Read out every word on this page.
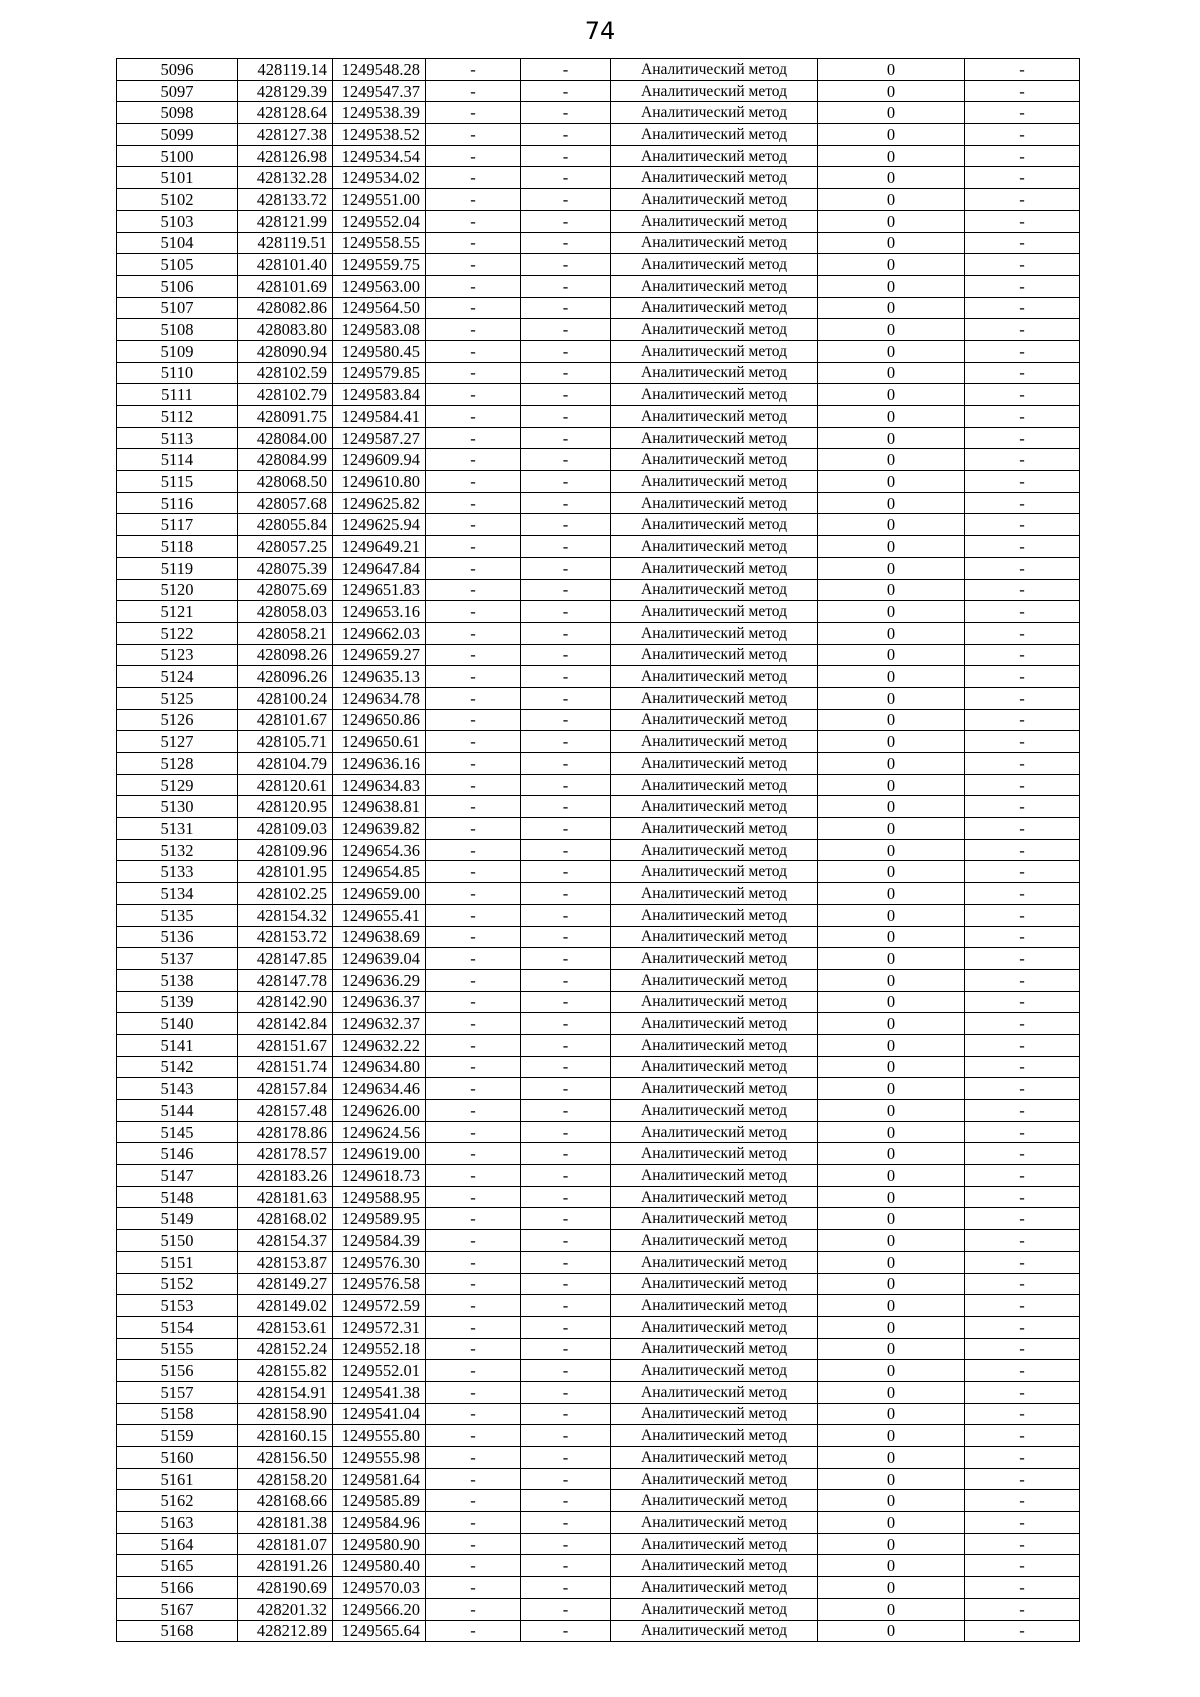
74
5096	428119.14	1249548.28	-	-	Аналитический метод	0	-
5097	428129.39	1249547.37	-	-	Аналитический метод	0	-
5098	428128.64	1249538.39	-	-	Аналитический метод	0	-
5099	428127.38	1249538.52	-	-	Аналитический метод	0	-
5100	428126.98	1249534.54	-	-	Аналитический метод	0	-
5101	428132.28	1249534.02	-	-	Аналитический метод	0	-
5102	428133.72	1249551.00	-	-	Аналитический метод	0	-
5103	428121.99	1249552.04	-	-	Аналитический метод	0	-
5104	428119.51	1249558.55	-	-	Аналитический метод	0	-
5105	428101.40	1249559.75	-	-	Аналитический метод	0	-
5106	428101.69	1249563.00	-	-	Аналитический метод	0	-
5107	428082.86	1249564.50	-	-	Аналитический метод	0	-
5108	428083.80	1249583.08	-	-	Аналитический метод	0	-
5109	428090.94	1249580.45	-	-	Аналитический метод	0	-
5110	428102.59	1249579.85	-	-	Аналитический метод	0	-
5111	428102.79	1249583.84	-	-	Аналитический метод	0	-
5112	428091.75	1249584.41	-	-	Аналитический метод	0	-
5113	428084.00	1249587.27	-	-	Аналитический метод	0	-
5114	428084.99	1249609.94	-	-	Аналитический метод	0	-
5115	428068.50	1249610.80	-	-	Аналитический метод	0	-
5116	428057.68	1249625.82	-	-	Аналитический метод	0	-
5117	428055.84	1249625.94	-	-	Аналитический метод	0	-
5118	428057.25	1249649.21	-	-	Аналитический метод	0	-
5119	428075.39	1249647.84	-	-	Аналитический метод	0	-
5120	428075.69	1249651.83	-	-	Аналитический метод	0	-
5121	428058.03	1249653.16	-	-	Аналитический метод	0	-
5122	428058.21	1249662.03	-	-	Аналитический метод	0	-
5123	428098.26	1249659.27	-	-	Аналитический метод	0	-
5124	428096.26	1249635.13	-	-	Аналитический метод	0	-
5125	428100.24	1249634.78	-	-	Аналитический метод	0	-
5126	428101.67	1249650.86	-	-	Аналитический метод	0	-
5127	428105.71	1249650.61	-	-	Аналитический метод	0	-
5128	428104.79	1249636.16	-	-	Аналитический метод	0	-
5129	428120.61	1249634.83	-	-	Аналитический метод	0	-
5130	428120.95	1249638.81	-	-	Аналитический метод	0	-
5131	428109.03	1249639.82	-	-	Аналитический метод	0	-
5132	428109.96	1249654.36	-	-	Аналитический метод	0	-
5133	428101.95	1249654.85	-	-	Аналитический метод	0	-
5134	428102.25	1249659.00	-	-	Аналитический метод	0	-
5135	428154.32	1249655.41	-	-	Аналитический метод	0	-
5136	428153.72	1249638.69	-	-	Аналитический метод	0	-
5137	428147.85	1249639.04	-	-	Аналитический метод	0	-
5138	428147.78	1249636.29	-	-	Аналитический метод	0	-
5139	428142.90	1249636.37	-	-	Аналитический метод	0	-
5140	428142.84	1249632.37	-	-	Аналитический метод	0	-
5141	428151.67	1249632.22	-	-	Аналитический метод	0	-
5142	428151.74	1249634.80	-	-	Аналитический метод	0	-
5143	428157.84	1249634.46	-	-	Аналитический метод	0	-
5144	428157.48	1249626.00	-	-	Аналитический метод	0	-
5145	428178.86	1249624.56	-	-	Аналитический метод	0	-
5146	428178.57	1249619.00	-	-	Аналитический метод	0	-
5147	428183.26	1249618.73	-	-	Аналитический метод	0	-
5148	428181.63	1249588.95	-	-	Аналитический метод	0	-
5149	428168.02	1249589.95	-	-	Аналитический метод	0	-
5150	428154.37	1249584.39	-	-	Аналитический метод	0	-
5151	428153.87	1249576.30	-	-	Аналитический метод	0	-
5152	428149.27	1249576.58	-	-	Аналитический метод	0	-
5153	428149.02	1249572.59	-	-	Аналитический метод	0	-
5154	428153.61	1249572.31	-	-	Аналитический метод	0	-
5155	428152.24	1249552.18	-	-	Аналитический метод	0	-
5156	428155.82	1249552.01	-	-	Аналитический метод	0	-
5157	428154.91	1249541.38	-	-	Аналитический метод	0	-
5158	428158.90	1249541.04	-	-	Аналитический метод	0	-
5159	428160.15	1249555.80	-	-	Аналитический метод	0	-
5160	428156.50	1249555.98	-	-	Аналитический метод	0	-
5161	428158.20	1249581.64	-	-	Аналитический метод	0	-
5162	428168.66	1249585.89	-	-	Аналитический метод	0	-
5163	428181.38	1249584.96	-	-	Аналитический метод	0	-
5164	428181.07	1249580.90	-	-	Аналитический метод	0	-
5165	428191.26	1249580.40	-	-	Аналитический метод	0	-
5166	428190.69	1249570.03	-	-	Аналитический метод	0	-
5167	428201.32	1249566.20	-	-	Аналитический метод	0	-
5168	428212.89	1249565.64	-	-	Аналитический метод	0	-
